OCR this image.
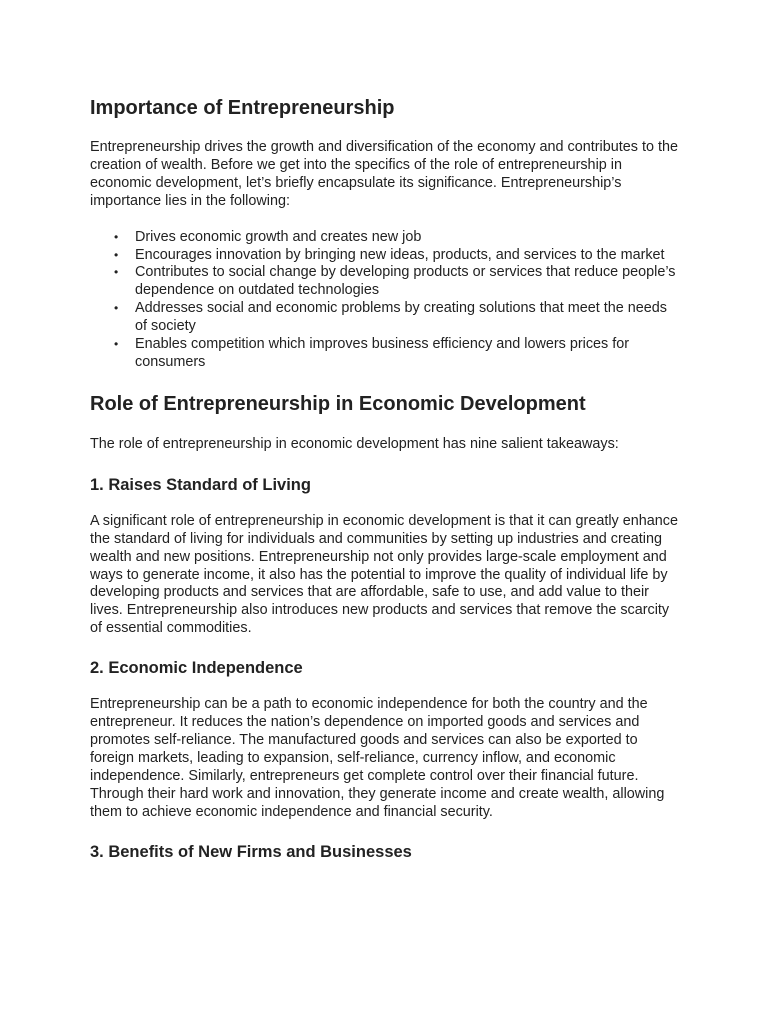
Importance of Entrepreneurship

Entrepreneurship drives the growth and diversification of the economy and contributes to the creation of wealth. Before we get into the specifics of the role of entrepreneurship in economic development, let’s briefly encapsulate its significance. Entrepreneurship’s importance lies in the following:

• Drives economic growth and creates new job
• Encourages innovation by bringing new ideas, products, and services to the market
• Contributes to social change by developing products or services that reduce people’s dependence on outdated technologies
• Addresses social and economic problems by creating solutions that meet the needs of society
• Enables competition which improves business efficiency and lowers prices for consumers
Role of Entrepreneurship in Economic Development

The role of entrepreneurship in economic development has nine salient takeaways:

1. Raises Standard of Living

A significant role of entrepreneurship in economic development is that it can greatly enhance the standard of living for individuals and communities by setting up industries and creating wealth and new positions. Entrepreneurship not only provides large-scale employment and ways to generate income, it also has the potential to improve the quality of individual life by developing products and services that are affordable, safe to use, and add value to their lives. Entrepreneurship also introduces new products and services that remove the scarcity of essential commodities.

2. Economic Independence

Entrepreneurship can be a path to economic independence for both the country and the entrepreneur. It reduces the nation’s dependence on imported goods and services and promotes self-reliance. The manufactured goods and services can also be exported to foreign markets, leading to expansion, self-reliance, currency inflow, and economic independence. Similarly, entrepreneurs get complete control over their financial future. Through their hard work and innovation, they generate income and create wealth, allowing them to achieve economic independence and financial security.

3. Benefits of New Firms and Businesses
